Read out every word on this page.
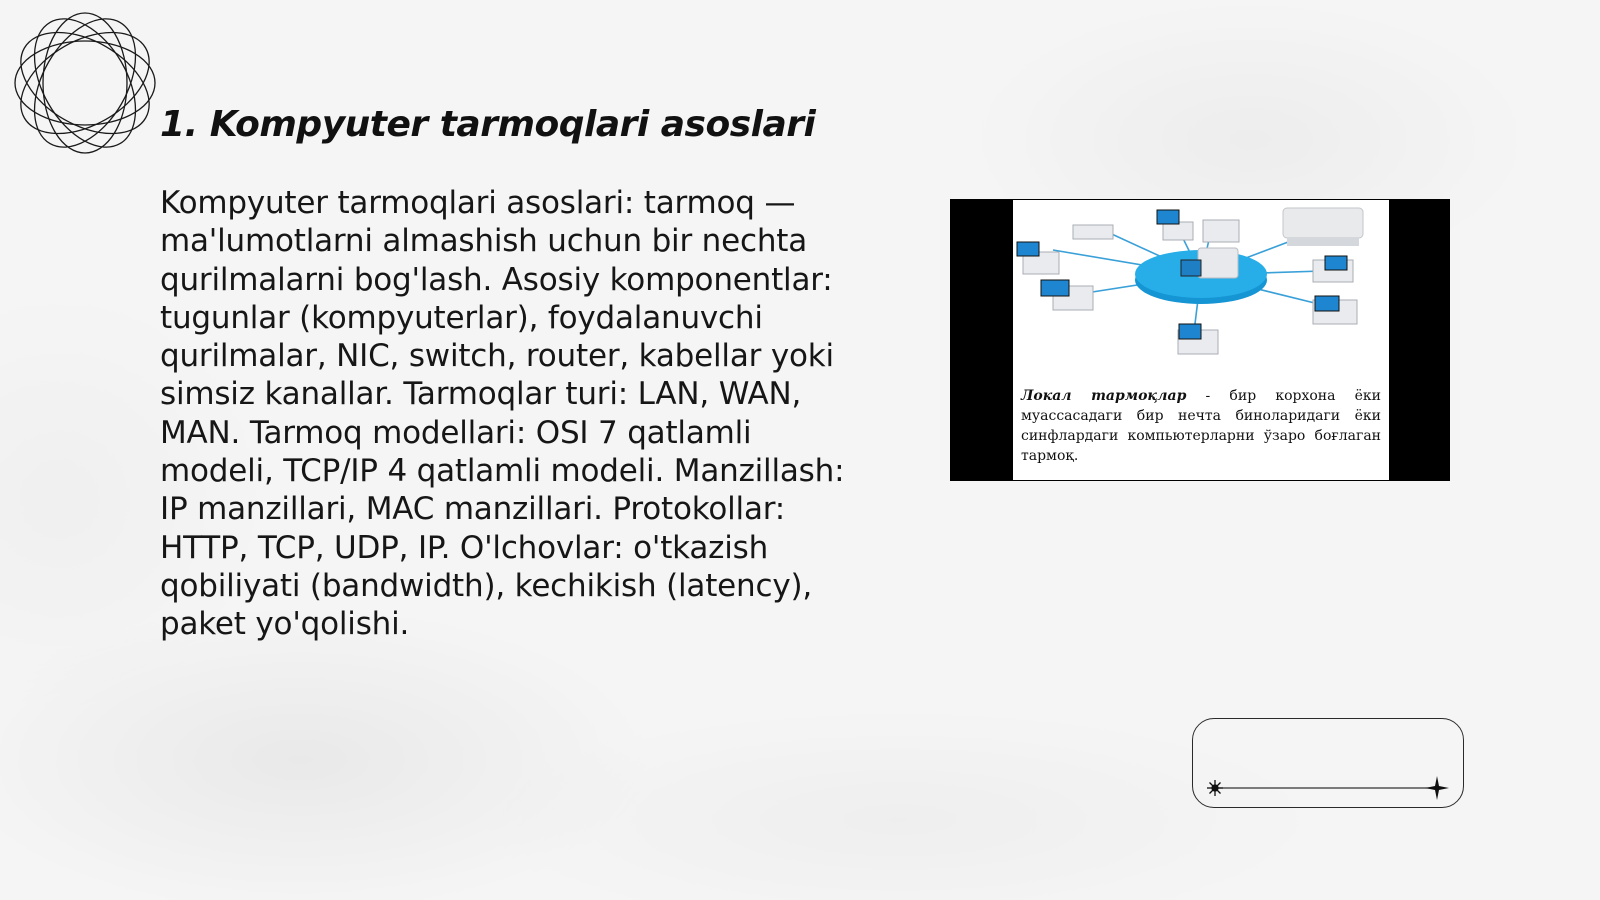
1. Kompyuter tarmoqlari asoslari

Kompyuter tarmoqlari asoslari: tarmoq — ma'lumotlarni almashish uchun bir nechta qurilmalarni bog'lash. Asosiy komponentlar: tugunlar (kompyuterlar), foydalanuvchi qurilmalar, NIC, switch, router, kabellar yoki simsiz kanallar. Tarmoqlar turi: LAN, WAN, MAN. Tarmoq modellari: OSI 7 qatlamli modeli, TCP/IP 4 qatlamli modeli. Manzillash: IP manzillari, MAC manzillari. Protokollar: HTTP, TCP, UDP, IP. O'lchovlar: o'tkazish qobiliyati (bandwidth), kechikish (latency), paket yo'qolishi.

Локал тармоқлар - бир корхона ёки муассасадаги бир нечта биноларидаги ёки синфлардаги компьютерларни ўзаро боғлаган тармоқ.
